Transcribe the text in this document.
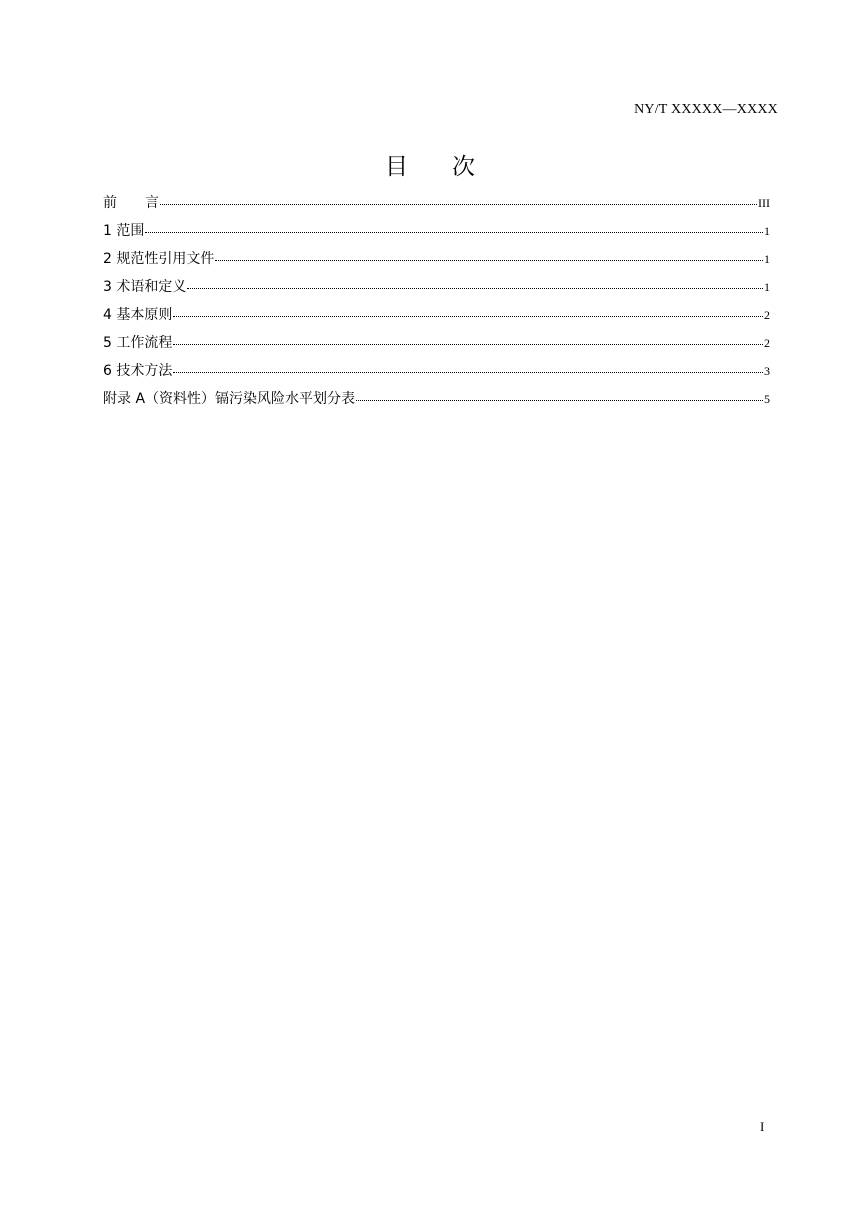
NY/T XXXXX—XXXX
目 次
前　　言	III
1 范围	1
2 规范性引用文件	1
3 术语和定义	1
4 基本原则	2
5 工作流程	2
6 技术方法	3
附录 A（资料性）镉污染风险水平划分表	5
I
